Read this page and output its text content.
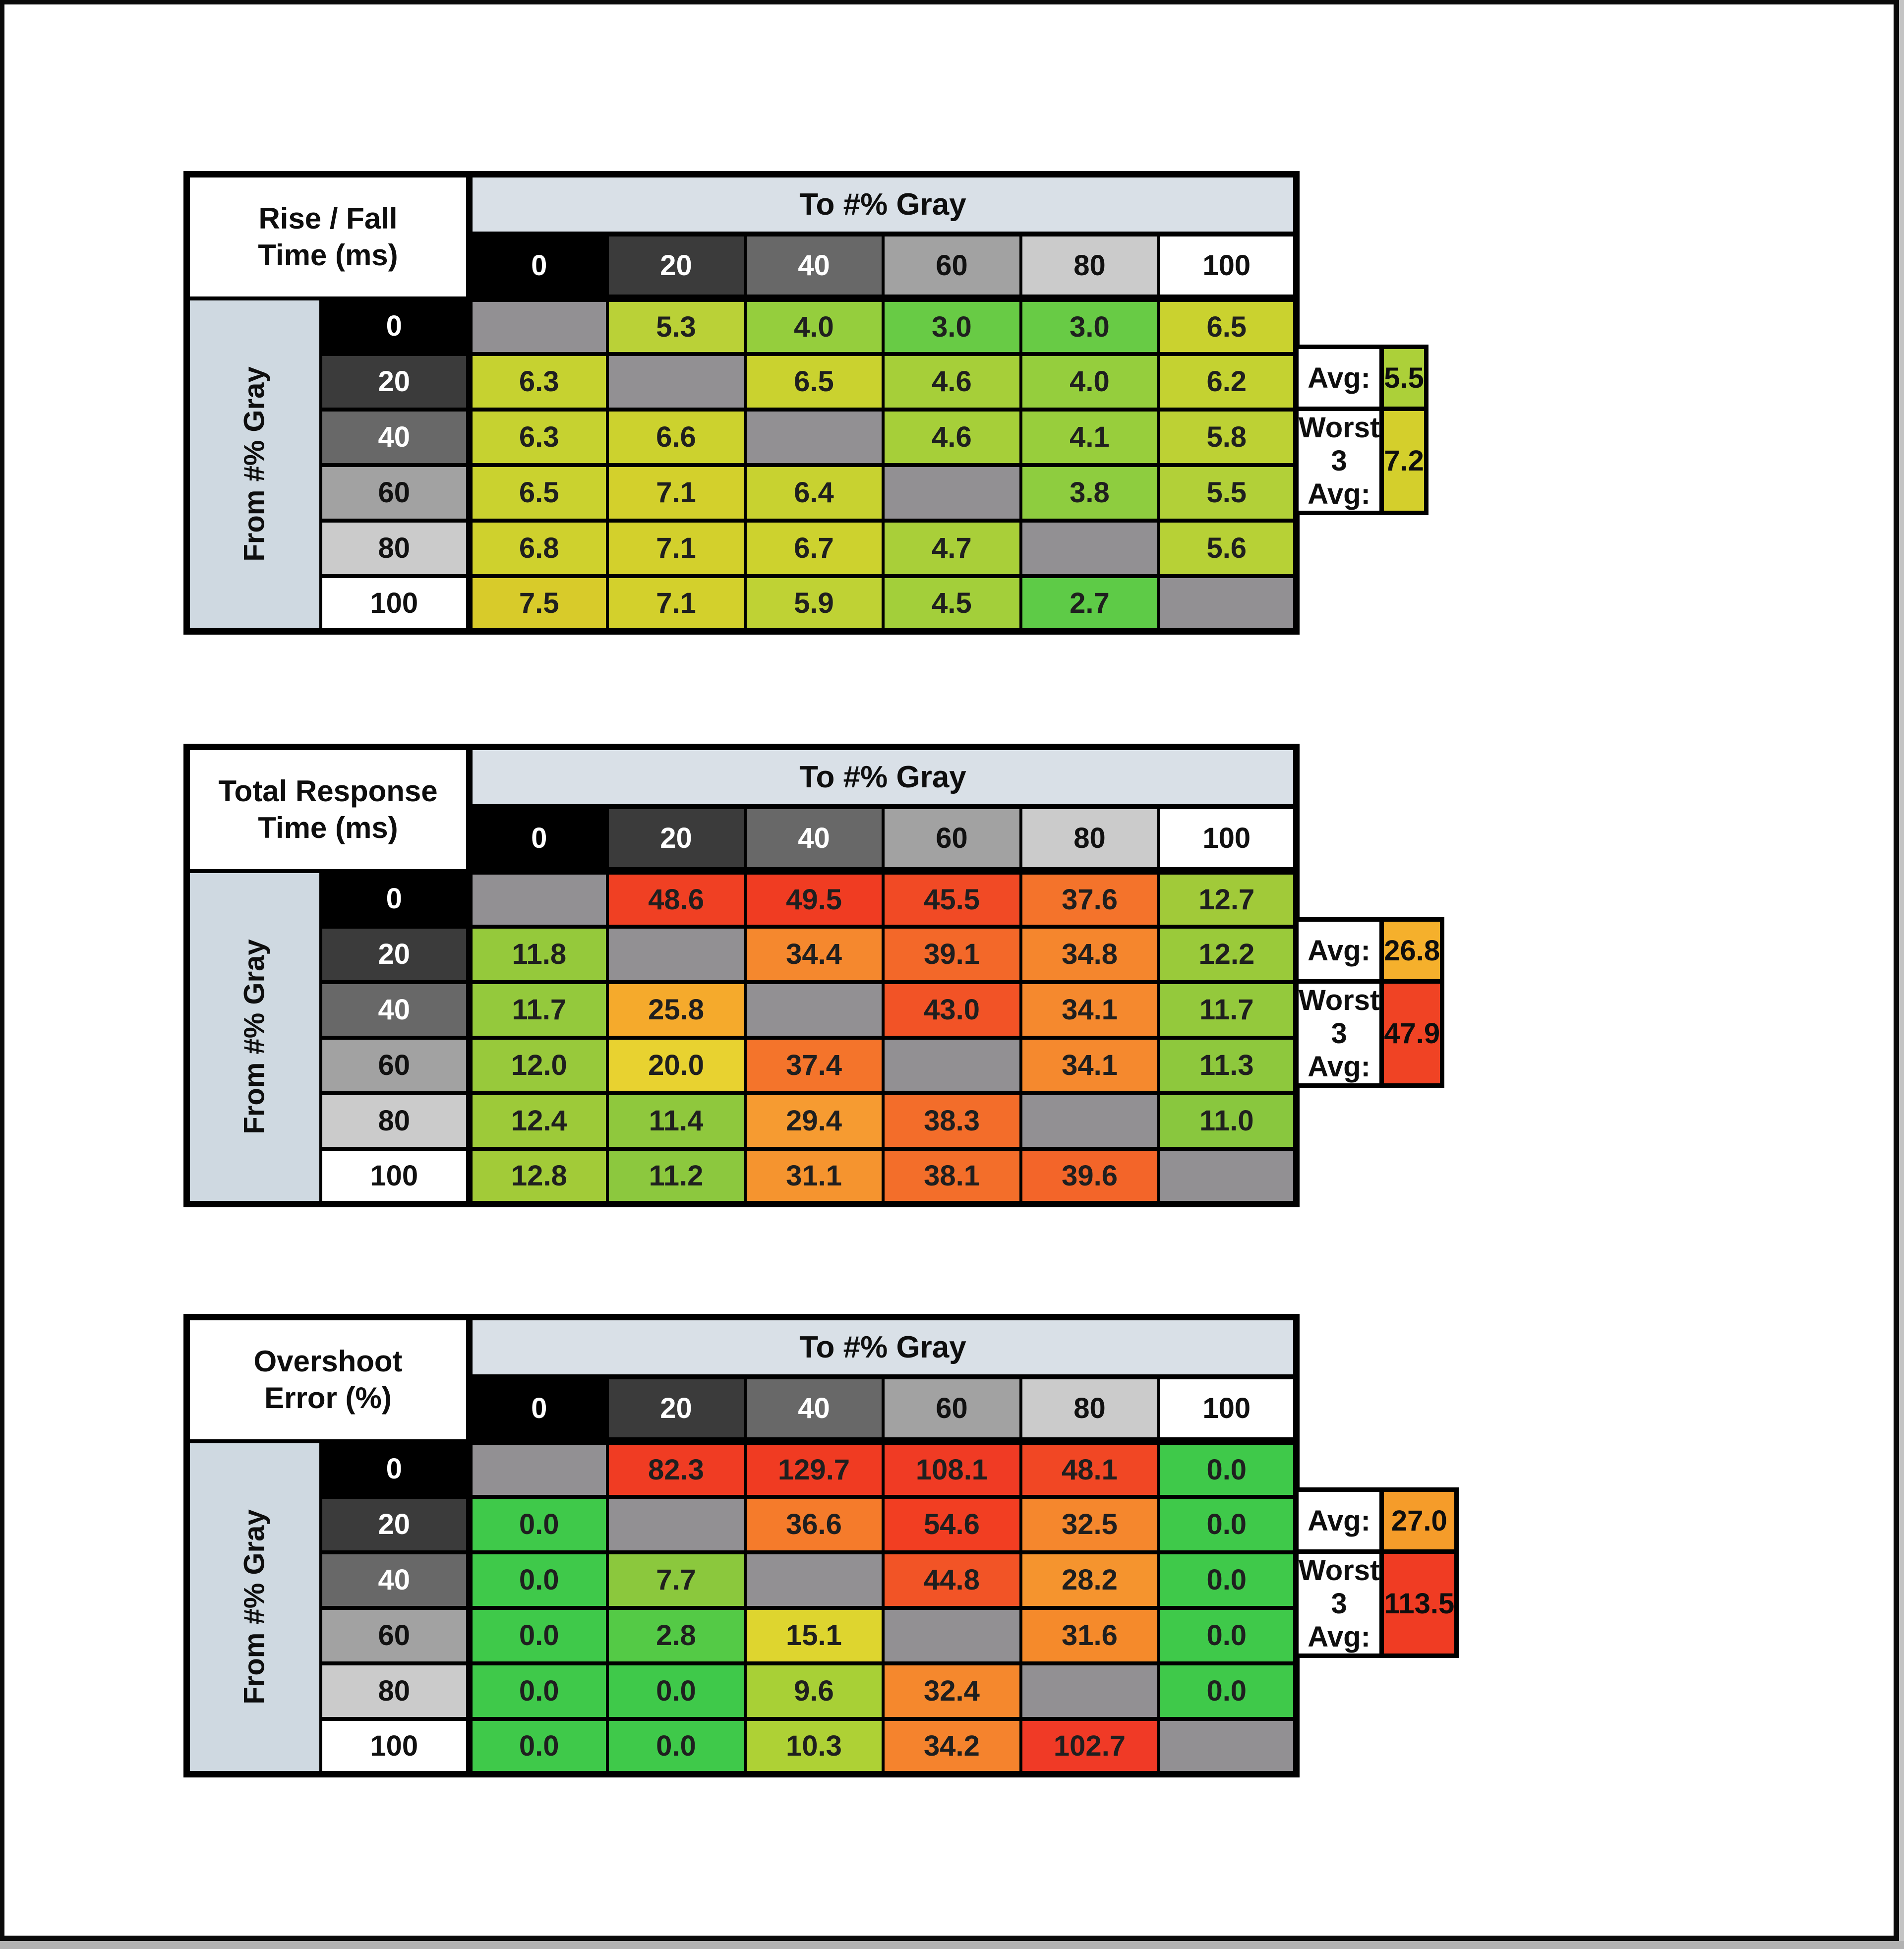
Rise / Fall
Time (ms)		To #% Gray					
		0	20	40	60	80	100

From #% Gray	0		5.3	4.0	3.0	3.0	6.5
	20	6.3		6.5	4.6	4.0	6.2
	40	6.3	6.6		4.6	4.1	5.8
	60	6.5	7.1	6.4		3.8	5.5
	80	6.8	7.1	6.7	4.7		5.6
	100	7.5	7.1	5.9	4.5	2.7	
Avg:	5.5
Worst 3 Avg:	7.2
Total Response
Time (ms)		To #% Gray					
		0	20	40	60	80	100

From #% Gray	0		48.6	49.5	45.5	37.6	12.7
	20	11.8		34.4	39.1	34.8	12.2
	40	11.7	25.8		43.0	34.1	11.7
	60	12.0	20.0	37.4		34.1	11.3
	80	12.4	11.4	29.4	38.3		11.0
	100	12.8	11.2	31.1	38.1	39.6	
Avg:	26.8
Worst 3 Avg:	47.9
Overshoot
Error (%)		To #% Gray					
		0	20	40	60	80	100

From #% Gray	0		82.3	129.7	108.1	48.1	0.0
	20	0.0		36.6	54.6	32.5	0.0
	40	0.0	7.7		44.8	28.2	0.0
	60	0.0	2.8	15.1		31.6	0.0
	80	0.0	0.0	9.6	32.4		0.0
	100	0.0	0.0	10.3	34.2	102.7	
Avg:	27.0
Worst 3 Avg:	113.5
